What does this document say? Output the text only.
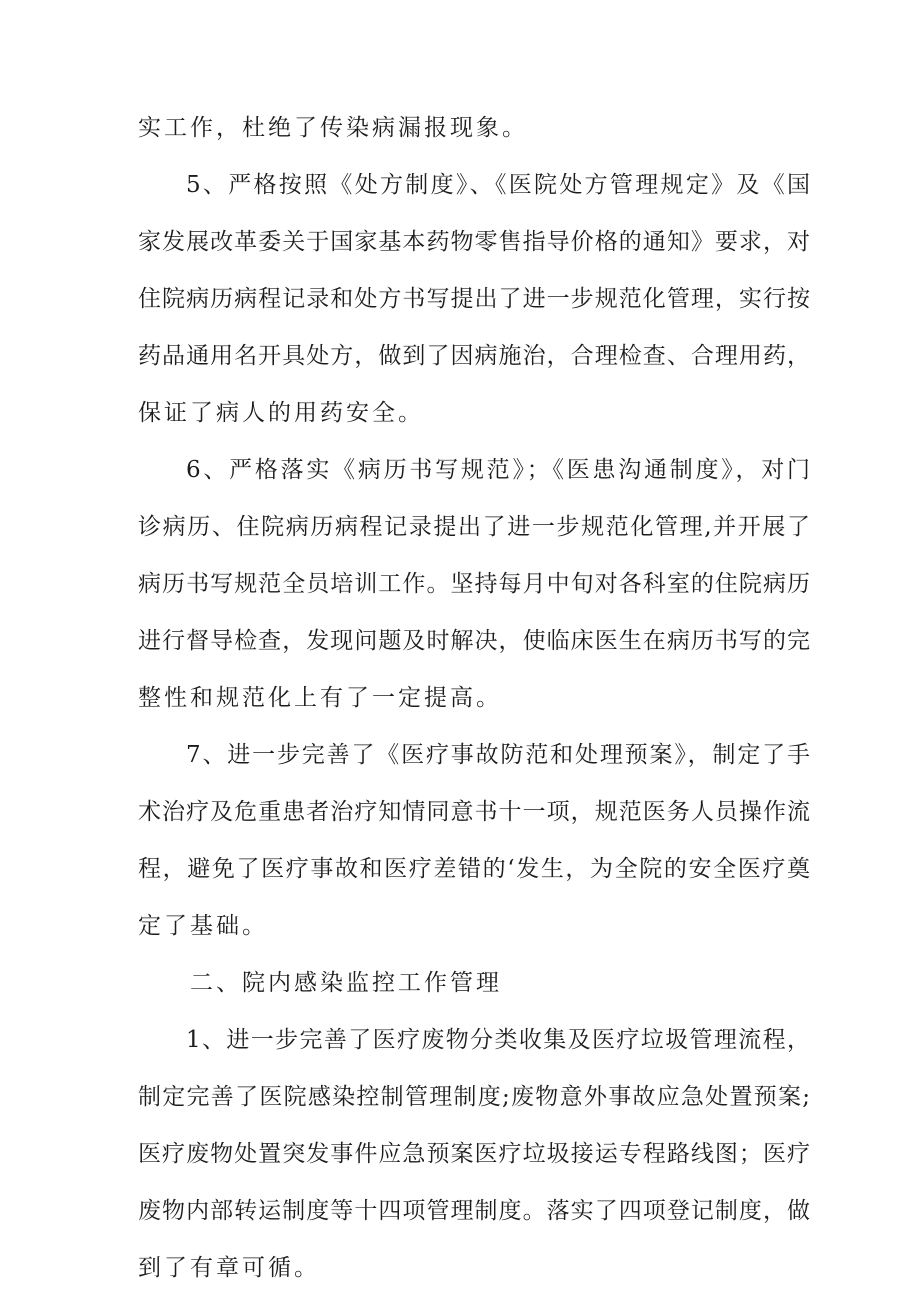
实工作，杜绝了传染病漏报现象。

5、严格按照《处方制度》、《医院处方管理规定》及《国

家发展改革委关于国家基本药物零售指导价格的通知》要求，对

住院病历病程记录和处方书写提出了进一步规范化管理，实行按

药品通用名开具处方，做到了因病施治，合理检查、合理用药，

保证了病人的用药安全。

6、严格落实《病历书写规范》；《医患沟通制度》，对门

诊病历、住院病历病程记录提出了进一步规范化管理,并开展了

病历书写规范全员培训工作。坚持每月中旬对各科室的住院病历

进行督导检查，发现问题及时解决，使临床医生在病历书写的完

整性和规范化上有了一定提高。

7、进一步完善了《医疗事故防范和处理预案》，制定了手

术治疗及危重患者治疗知情同意书十一项，规范医务人员操作流

程，避免了医疗事故和医疗差错的‘发生，为全院的安全医疗奠

定了基础。

二、院内感染监控工作管理

1、进一步完善了医疗废物分类收集及医疗垃圾管理流程，

制定完善了医院感染控制管理制度;废物意外事故应急处置预案;

医疗废物处置突发事件应急预案医疗垃圾接运专程路线图；医疗

废物内部转运制度等十四项管理制度。落实了四项登记制度，做

到了有章可循。
